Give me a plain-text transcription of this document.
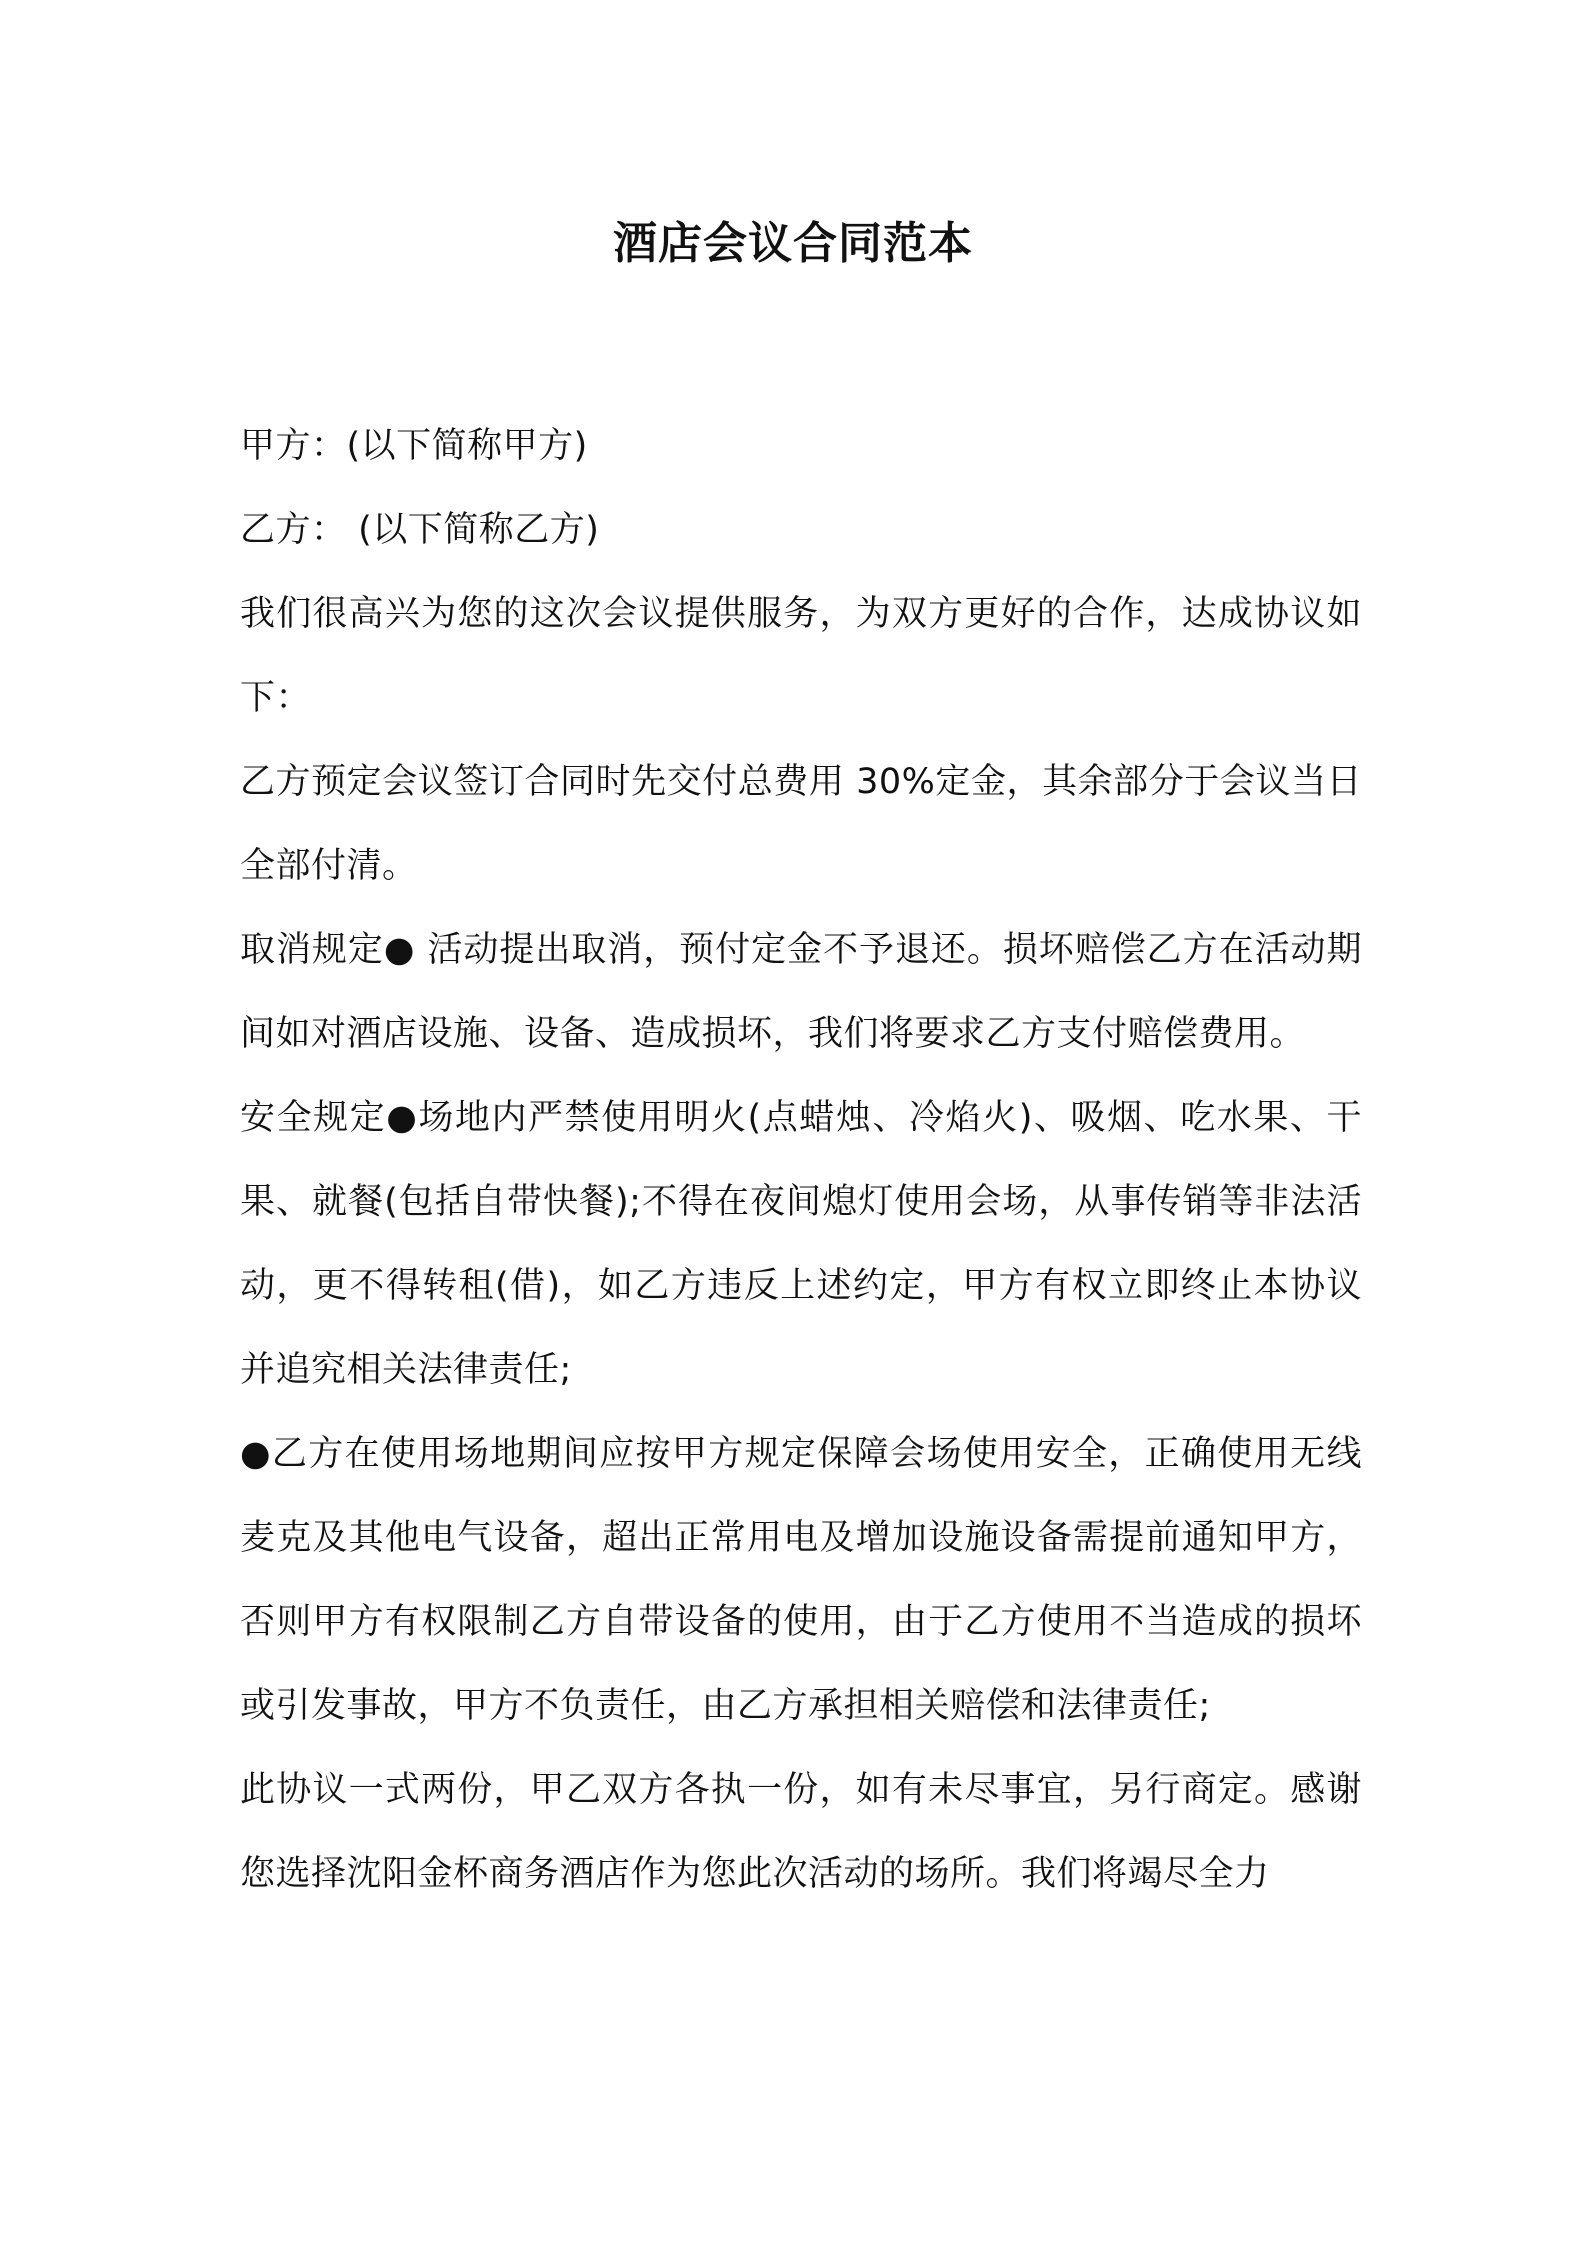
酒店会议合同范本

甲方：(以下简称甲方)

乙方： (以下简称乙方)

我们很高兴为您的这次会议提供服务，为双方更好的合作，达成协议如下：

乙方预定会议签订合同时先交付总费用 30%定金，其余部分于会议当日全部付清。

取消规定● 活动提出取消，预付定金不予退还。损坏赔偿乙方在活动期间如对酒店设施、设备、造成损坏，我们将要求乙方支付赔偿费用。

安全规定●场地内严禁使用明火(点蜡烛、冷焰火)、吸烟、吃水果、干果、就餐(包括自带快餐);不得在夜间熄灯使用会场，从事传销等非法活动，更不得转租(借)，如乙方违反上述约定，甲方有权立即终止本协议并追究相关法律责任;

●乙方在使用场地期间应按甲方规定保障会场使用安全，正确使用无线麦克及其他电气设备，超出正常用电及增加设施设备需提前通知甲方，否则甲方有权限制乙方自带设备的使用，由于乙方使用不当造成的损坏或引发事故，甲方不负责任，由乙方承担相关赔偿和法律责任;

此协议一式两份，甲乙双方各执一份，如有未尽事宜，另行商定。感谢您选择沈阳金杯商务酒店作为您此次活动的场所。我们将竭尽全力
